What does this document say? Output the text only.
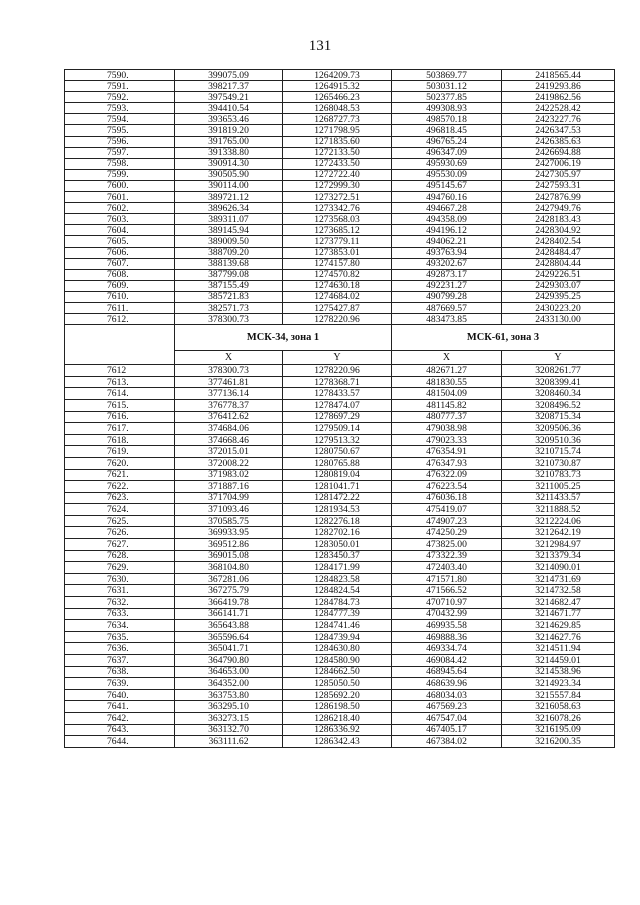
131
7590.	399075.09	1264209.73	503869.77	2418565.44
7591.	398217.37	1264915.32	503031.12	2419293.86
7592.	397549.21	1265466.23	502377.85	2419862.56
7593.	394410.54	1268048.53	499308.93	2422528.42
7594.	393653.46	1268727.73	498570.18	2423227.76
7595.	391819.20	1271798.95	496818.45	2426347.53
7596.	391765.00	1271835.60	496765.24	2426385.63
7597.	391338.80	1272133.50	496347.09	2426694.88
7598.	390914.30	1272433.50	495930.69	2427006.19
7599.	390505.90	1272722.40	495530.09	2427305.97
7600.	390114.00	1272999.30	495145.67	2427593.31
7601.	389721.12	1273272.51	494760.16	2427876.99
7602.	389626.34	1273342.76	494667.28	2427949.76
7603.	389311.07	1273568.03	494358.09	2428183.43
7604.	389145.94	1273685.12	494196.12	2428304.92
7605.	389009.50	1273779.11	494062.21	2428402.54
7606.	388709.20	1273853.01	493763.94	2428484.47
7607.	388139.68	1274157.80	493202.67	2428804.44
7608.	387799.08	1274570.82	492873.17	2429226.51
7609.	387155.49	1274630.18	492231.27	2429303.07
7610.	385721.83	1274684.02	490799.28	2429395.25
7611.	382571.73	1275427.87	487669.57	2430223.20
7612.	378300.73	1278220.96	483473.85	2433130.00
	МСК-34, зона 1		МСК-61, зона 3	
	X	Y	X	Y
7612	378300.73	1278220.96	482671.27	3208261.77
7613.	377461.81	1278368.71	481830.55	3208399.41
7614.	377136.14	1278433.57	481504.09	3208460.34
7615.	376778.37	1278474.07	481145.82	3208496.52
7616.	376412.62	1278697.29	480777.37	3208715.34
7617.	374684.06	1279509.14	479038.98	3209506.36
7618.	374668.46	1279513.32	479023.33	3209510.36
7619.	372015.01	1280750.67	476354.91	3210715.74
7620.	372008.22	1280765.88	476347.93	3210730.87
7621.	371983.02	1280819.04	476322.09	3210783.73
7622.	371887.16	1281041.71	476223.54	3211005.25
7623.	371704.99	1281472.22	476036.18	3211433.57
7624.	371093.46	1281934.53	475419.07	3211888.52
7625.	370585.75	1282276.18	474907.23	3212224.06
7626.	369933.95	1282702.16	474250.29	3212642.19
7627.	369512.86	1283050.01	473825.00	3212984.97
7628.	369015.08	1283450.37	473322.39	3213379.34
7629.	368104.80	1284171.99	472403.40	3214090.01
7630.	367281.06	1284823.58	471571.80	3214731.69
7631.	367275.79	1284824.54	471566.52	3214732.58
7632.	366419.78	1284784.73	470710.97	3214682.47
7633.	366141.71	1284777.39	470432.99	3214671.77
7634.	365643.88	1284741.46	469935.58	3214629.85
7635.	365596.64	1284739.94	469888.36	3214627.76
7636.	365041.71	1284630.80	469334.74	3214511.94
7637.	364790.80	1284580.90	469084.42	3214459.01
7638.	364653.00	1284662.50	468945.64	3214538.96
7639.	364352.00	1285050.50	468639.96	3214923.34
7640.	363753.80	1285692.20	468034.03	3215557.84
7641.	363295.10	1286198.50	467569.23	3216058.63
7642.	363273.15	1286218.40	467547.04	3216078.26
7643.	363132.70	1286336.92	467405.17	3216195.09
7644.	363111.62	1286342.43	467384.02	3216200.35
